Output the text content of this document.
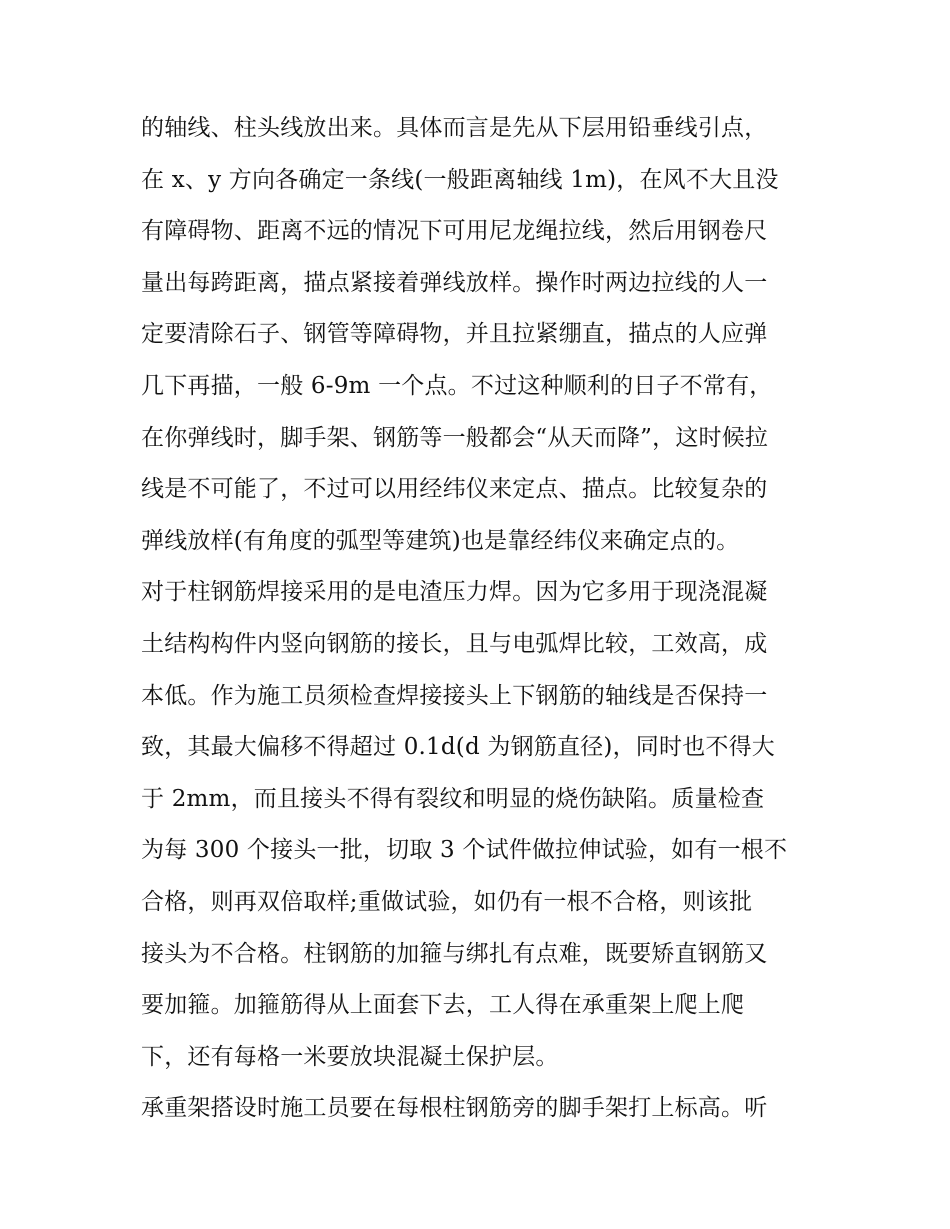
的轴线、柱头线放出来。具体而言是先从下层用铅垂线引点，
在 x、y 方向各确定一条线(一般距离轴线 1m)，在风不大且没
有障碍物、距离不远的情况下可用尼龙绳拉线，然后用钢卷尺
量出每跨距离，描点紧接着弹线放样。操作时两边拉线的人一
定要清除石子、钢管等障碍物，并且拉紧绷直，描点的人应弹
几下再描，一般 6-9m 一个点。不过这种顺利的日子不常有，
在你弹线时，脚手架、钢筋等一般都会“从天而降”，这时候拉
线是不可能了，不过可以用经纬仪来定点、描点。比较复杂的
弹线放样(有角度的弧型等建筑)也是靠经纬仪来确定点的。
对于柱钢筋焊接采用的是电渣压力焊。因为它多用于现浇混凝
土结构构件内竖向钢筋的接长，且与电弧焊比较，工效高，成
本低。作为施工员须检查焊接接头上下钢筋的轴线是否保持一
致，其最大偏移不得超过 0.1d(d 为钢筋直径)，同时也不得大
于 2mm，而且接头不得有裂纹和明显的烧伤缺陷。质量检查
为每 300 个接头一批，切取 3 个试件做拉伸试验，如有一根不
合格，则再双倍取样;重做试验，如仍有一根不合格，则该批
接头为不合格。柱钢筋的加箍与绑扎有点难，既要矫直钢筋又
要加箍。加箍筋得从上面套下去，工人得在承重架上爬上爬
下，还有每格一米要放块混凝土保护层。
承重架搭设时施工员要在每根柱钢筋旁的脚手架打上标高。听
